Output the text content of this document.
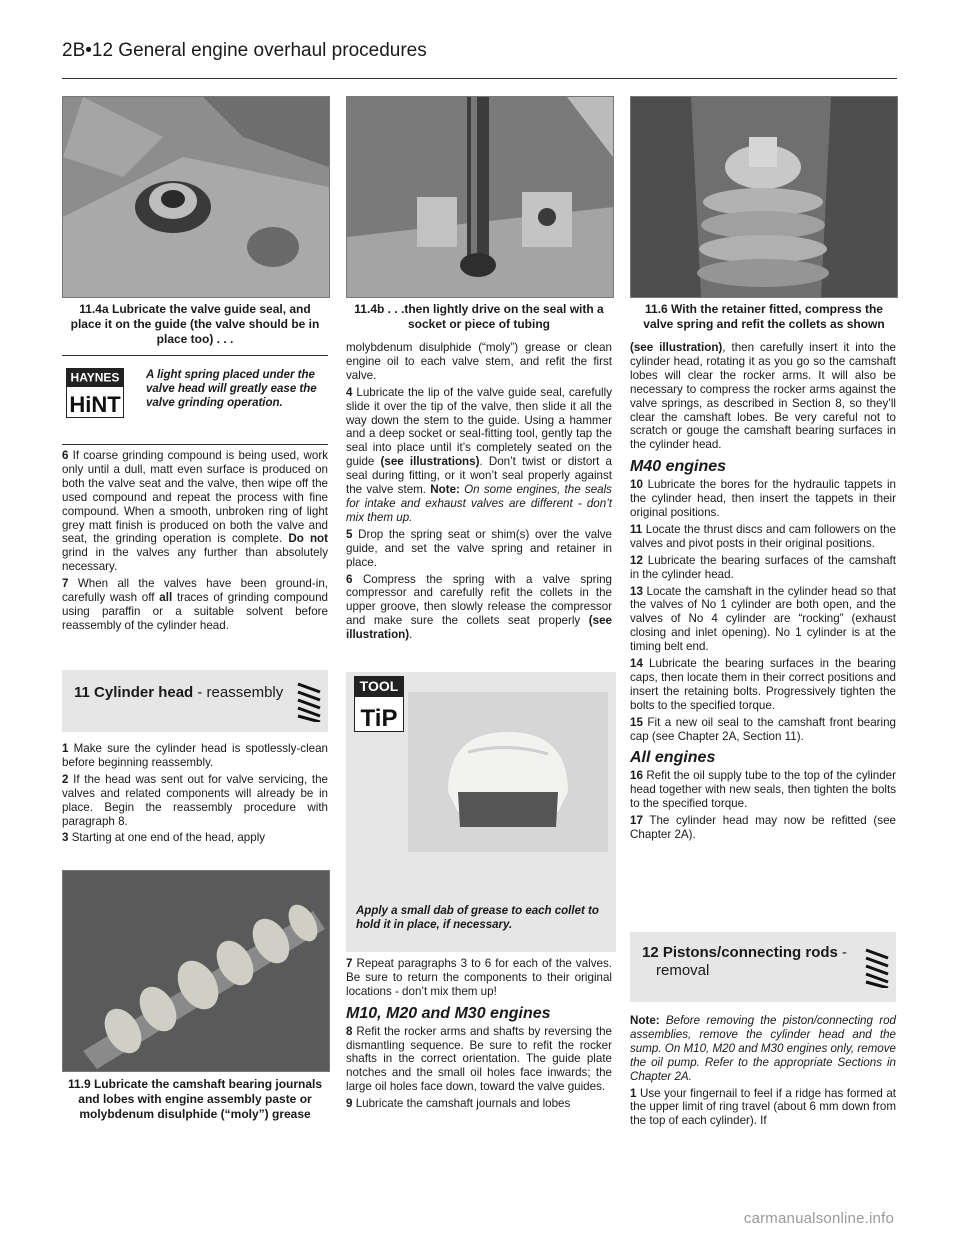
2B•12 General engine overhaul procedures
11.4a Lubricate the valve guide seal, and place it on the guide (the valve should be in place too) . . .
11.4b . . .then lightly drive on the seal with a socket or piece of tubing
11.6 With the retainer fitted, compress the valve spring and refit the collets as shown
HAYNES
HiNT
A light spring placed under the valve head will greatly ease the valve grinding operation.

6 If coarse grinding compound is being used, work only until a dull, matt even surface is produced on both the valve seat and the valve, then wipe off the used compound and repeat the process with fine compound. When a smooth, unbroken ring of light grey matt finish is produced on both the valve and seat, the grinding operation is complete. Do not grind in the valves any further than absolutely necessary.

7 When all the valves have been ground-in, carefully wash off all traces of grinding compound using paraffin or a suitable solvent before reassembly of the cylinder head.

11 Cylinder head - reassembly

1 Make sure the cylinder head is spotlessly-clean before beginning reassembly.

2 If the head was sent out for valve servicing, the valves and related components will already be in place. Begin the reassembly procedure with paragraph 8.

3 Starting at one end of the head, apply

11.9 Lubricate the camshaft bearing journals and lobes with engine assembly paste or molybdenum disulphide (“moly”) grease

molybdenum disulphide (“moly”) grease or clean engine oil to each valve stem, and refit the first valve.

4 Lubricate the lip of the valve guide seal, carefully slide it over the tip of the valve, then slide it all the way down the stem to the guide. Using a hammer and a deep socket or seal-fitting tool, gently tap the seal into place until it’s completely seated on the guide (see illustrations). Don’t twist or distort a seal during fitting, or it won’t seal properly against the valve stem. Note: On some engines, the seals for intake and exhaust valves are different - don’t mix them up.

5 Drop the spring seat or shim(s) over the valve guide, and set the valve spring and retainer in place.

6 Compress the spring with a valve spring compressor and carefully refit the collets in the upper groove, then slowly release the compressor and make sure the collets seat properly (see illustration).

TOOL
TiP
Apply a small dab of grease to each collet to hold it in place, if necessary.

7 Repeat paragraphs 3 to 6 for each of the valves. Be sure to return the components to their original locations - don’t mix them up!

M10, M20 and M30 engines

8 Refit the rocker arms and shafts by reversing the dismantling sequence. Be sure to refit the rocker shafts in the correct orientation. The guide plate notches and the small oil holes face inwards; the large oil holes face down, toward the valve guides.

9 Lubricate the camshaft journals and lobes

(see illustration), then carefully insert it into the cylinder head, rotating it as you go so the camshaft lobes will clear the rocker arms. It will also be necessary to compress the rocker arms against the valve springs, as described in Section 8, so they’ll clear the camshaft lobes. Be very careful not to scratch or gouge the camshaft bearing surfaces in the cylinder head.

M40 engines

10 Lubricate the bores for the hydraulic tappets in the cylinder head, then insert the tappets in their original positions.

11 Locate the thrust discs and cam followers on the valves and pivot posts in their original positions.

12 Lubricate the bearing surfaces of the camshaft in the cylinder head.

13 Locate the camshaft in the cylinder head so that the valves of No 1 cylinder are both open, and the valves of No 4 cylinder are “rocking” (exhaust closing and inlet opening). No 1 cylinder is at the timing belt end.

14 Lubricate the bearing surfaces in the bearing caps, then locate them in their correct positions and insert the retaining bolts. Progressively tighten the bolts to the specified torque.

15 Fit a new oil seal to the camshaft front bearing cap (see Chapter 2A, Section 11).

All engines

16 Refit the oil supply tube to the top of the cylinder head together with new seals, then tighten the bolts to the specified torque.

17 The cylinder head may now be refitted (see Chapter 2A).

12 Pistons/connecting rods -
removal

Note: Before removing the piston/connecting rod assemblies, remove the cylinder head and the sump. On M10, M20 and M30 engines only, remove the oil pump. Refer to the appropriate Sections in Chapter 2A.

1 Use your fingernail to feel if a ridge has formed at the upper limit of ring travel (about 6 mm down from the top of each cylinder). If

carmanualsonline.info
